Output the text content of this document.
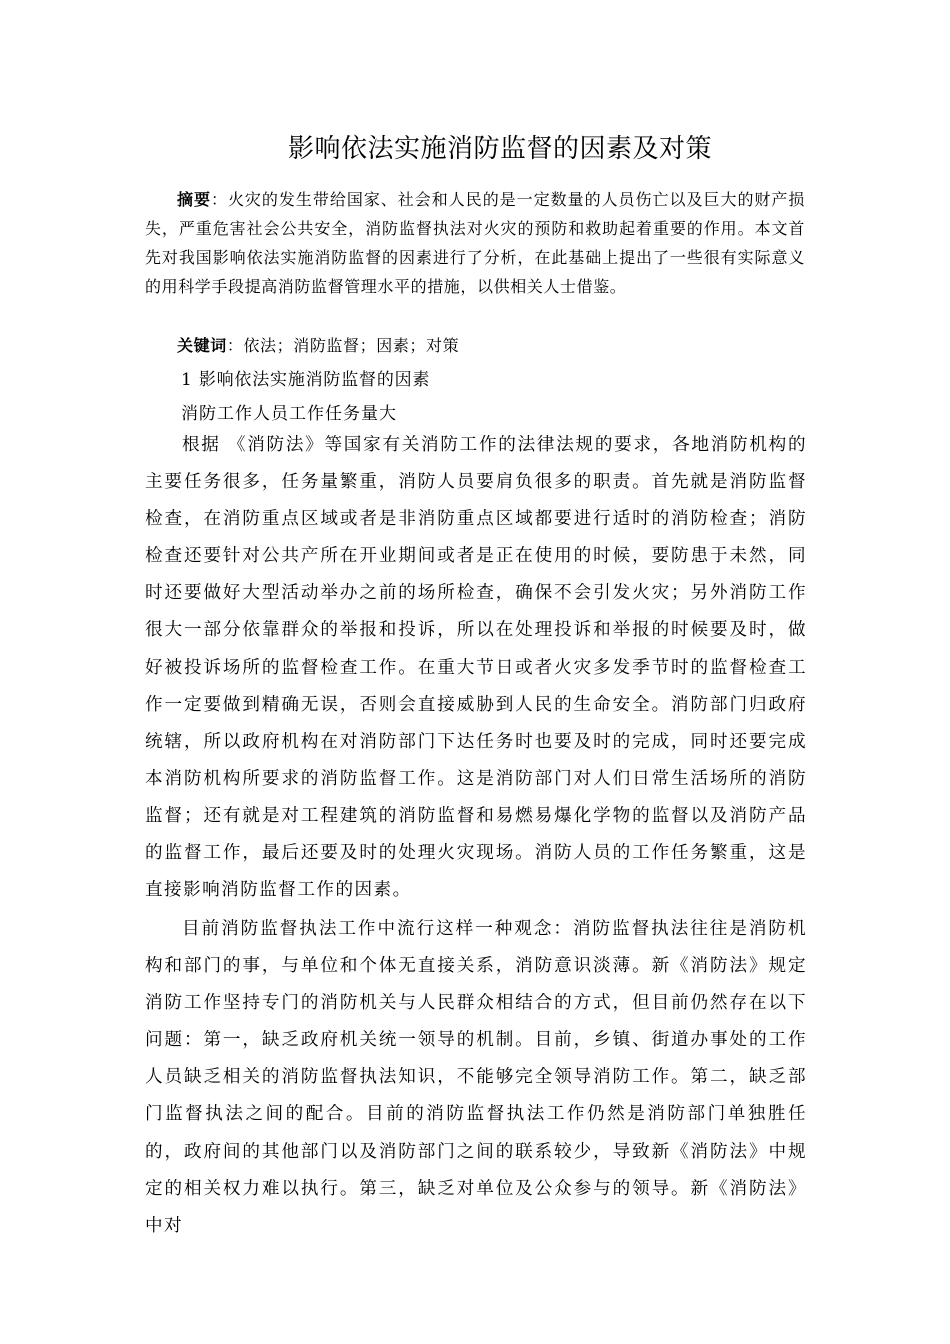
影响依法实施消防监督的因素及对策
摘要：火灾的发生带给国家、社会和人民的是一定数量的人员伤亡以及巨大的财产损失，严重危害社会公共安全，消防监督执法对火灾的预防和救助起着重要的作用。本文首先对我国影响依法实施消防监督的因素进行了分析，在此基础上提出了一些很有实际意义的用科学手段提高消防监督管理水平的措施，以供相关人士借鉴。
关键词：依法；消防监督；因素；对策
1 影响依法实施消防监督的因素
消防工作人员工作任务量大
根据 《消防法》等国家有关消防工作的法律法规的要求，各地消防机构的主要任务很多，任务量繁重，消防人员要肩负很多的职责。首先就是消防监督检查，在消防重点区域或者是非消防重点区域都要进行适时的消防检查；消防检查还要针对公共产所在开业期间或者是正在使用的时候，要防患于未然，同时还要做好大型活动举办之前的场所检查，确保不会引发火灾；另外消防工作很大一部分依靠群众的举报和投诉，所以在处理投诉和举报的时候要及时，做好被投诉场所的监督检查工作。在重大节日或者火灾多发季节时的监督检查工作一定要做到精确无误，否则会直接威胁到人民的生命安全。消防部门归政府统辖，所以政府机构在对消防部门下达任务时也要及时的完成，同时还要完成本消防机构所要求的消防监督工作。这是消防部门对人们日常生活场所的消防监督；还有就是对工程建筑的消防监督和易燃易爆化学物的监督以及消防产品的监督工作，最后还要及时的处理火灾现场。消防人员的工作任务繁重，这是直接影响消防监督工作的因素。
目前消防监督执法工作中流行这样一种观念：消防监督执法往往是消防机构和部门的事，与单位和个体无直接关系，消防意识淡薄。新《消防法》规定消防工作坚持专门的消防机关与人民群众相结合的方式，但目前仍然存在以下问题：第一，缺乏政府机关统一领导的机制。目前，乡镇、街道办事处的工作人员缺乏相关的消防监督执法知识，不能够完全领导消防工作。第二，缺乏部门监督执法之间的配合。目前的消防监督执法工作仍然是消防部门单独胜任的，政府间的其他部门以及消防部门之间的联系较少，导致新《消防法》中规定的相关权力难以执行。第三，缺乏对单位及公众参与的领导。新《消防法》中对
